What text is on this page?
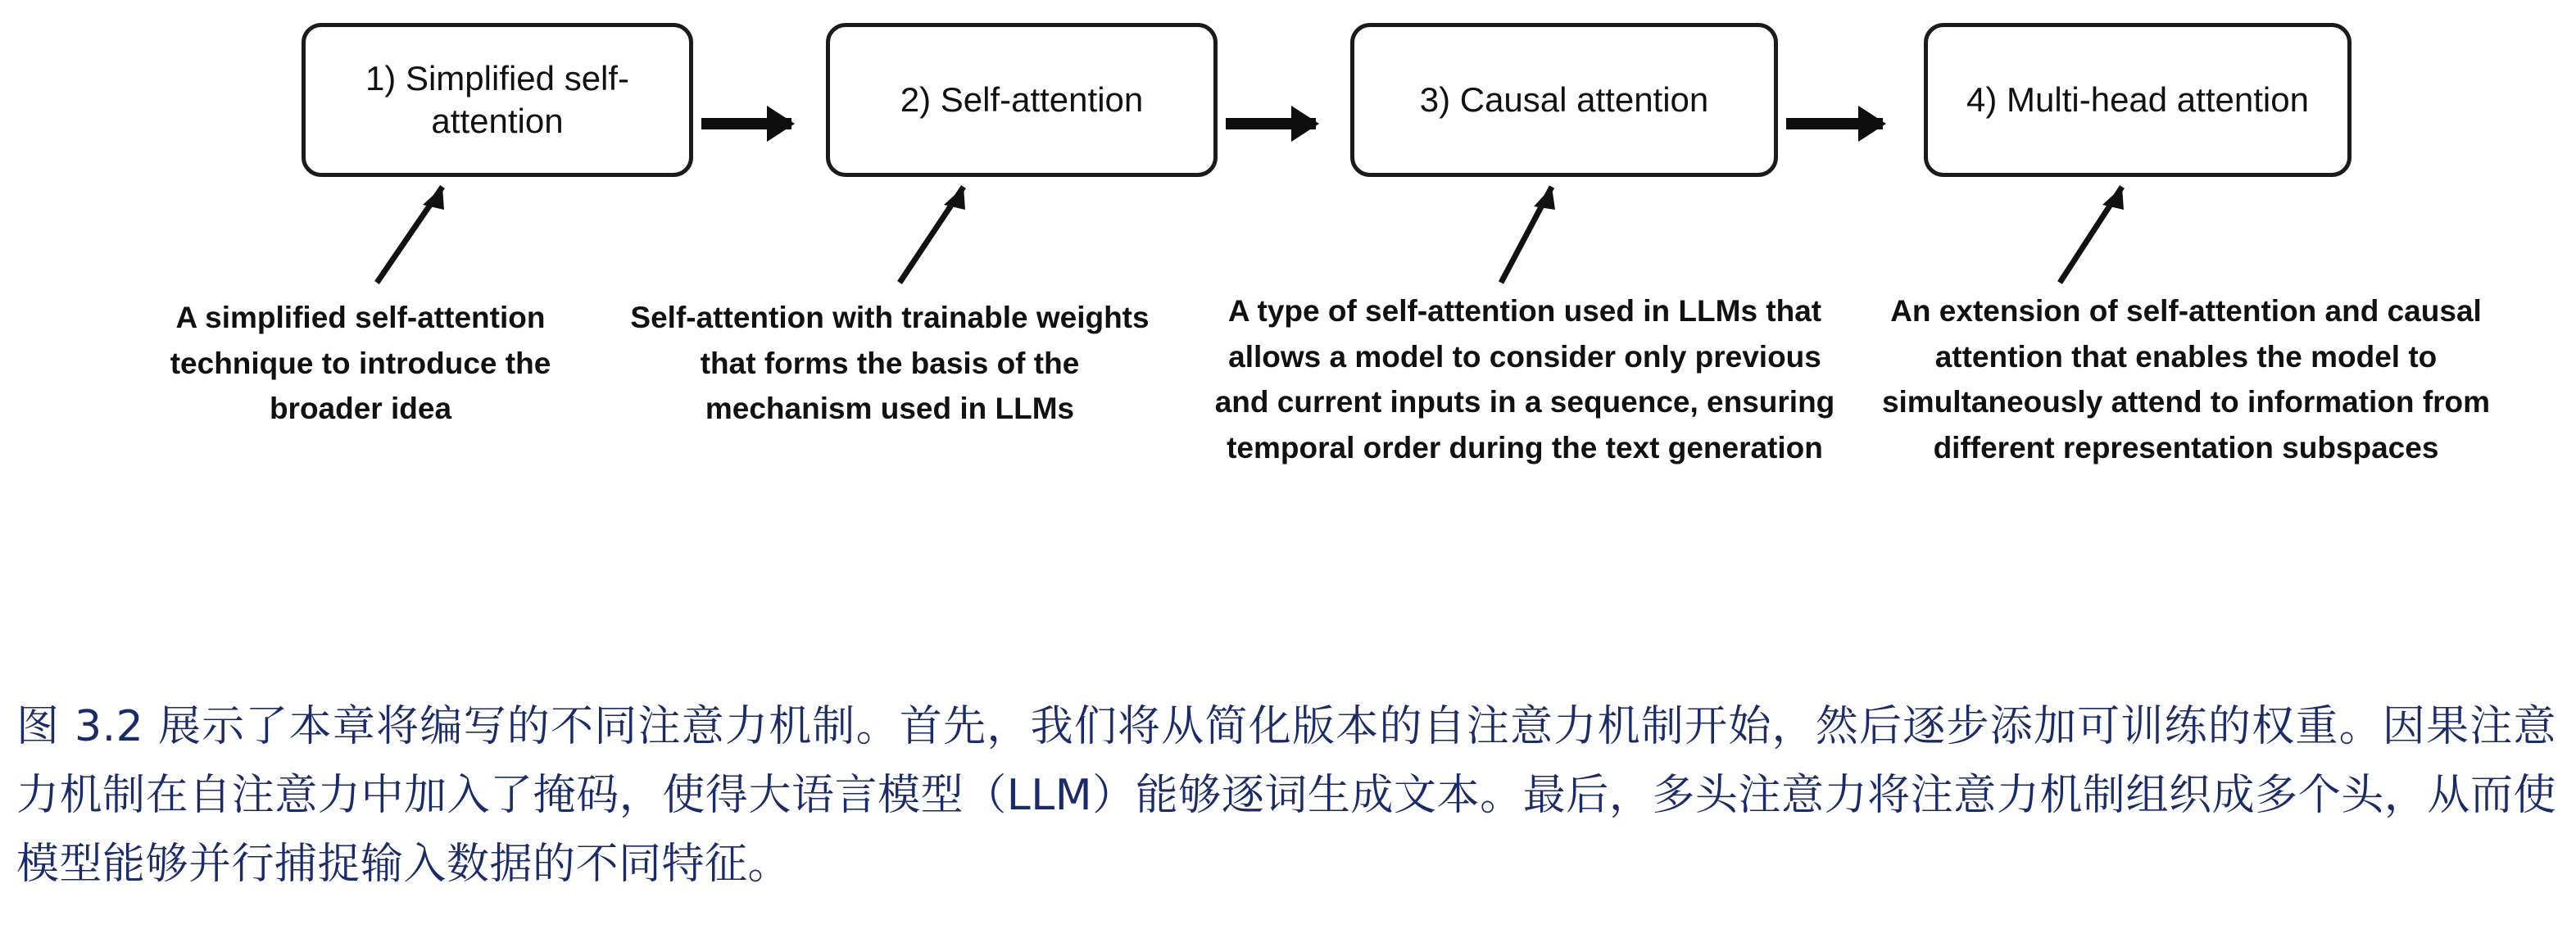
1) Simplified self-attention
2) Self-attention	3) Causal attention	4) Multi-head attention
A simplified self-attention technique to introduce the broader idea
Self-attention with trainable weights that forms the basis of the mechanism used in LLMs
A type of self-attention used in LLMs that allows a model to consider only previous and current inputs in a sequence, ensuring temporal order during the text generation
An extension of self-attention and causal attention that enables the model to simultaneously attend to information from different representation subspaces
图 3.2 展示了本章将编写的不同注意力机制。首先，我们将从简化版本的自注意力机制开始，然后逐步添加可训练的权重。因果注意力机制在自注意力中加入了掩码，使得大语言模型（LLM）能够逐词生成文本。最后，多头注意力将注意力机制组织成多个头，从而使模型能够并行捕捉输入数据的不同特征。
